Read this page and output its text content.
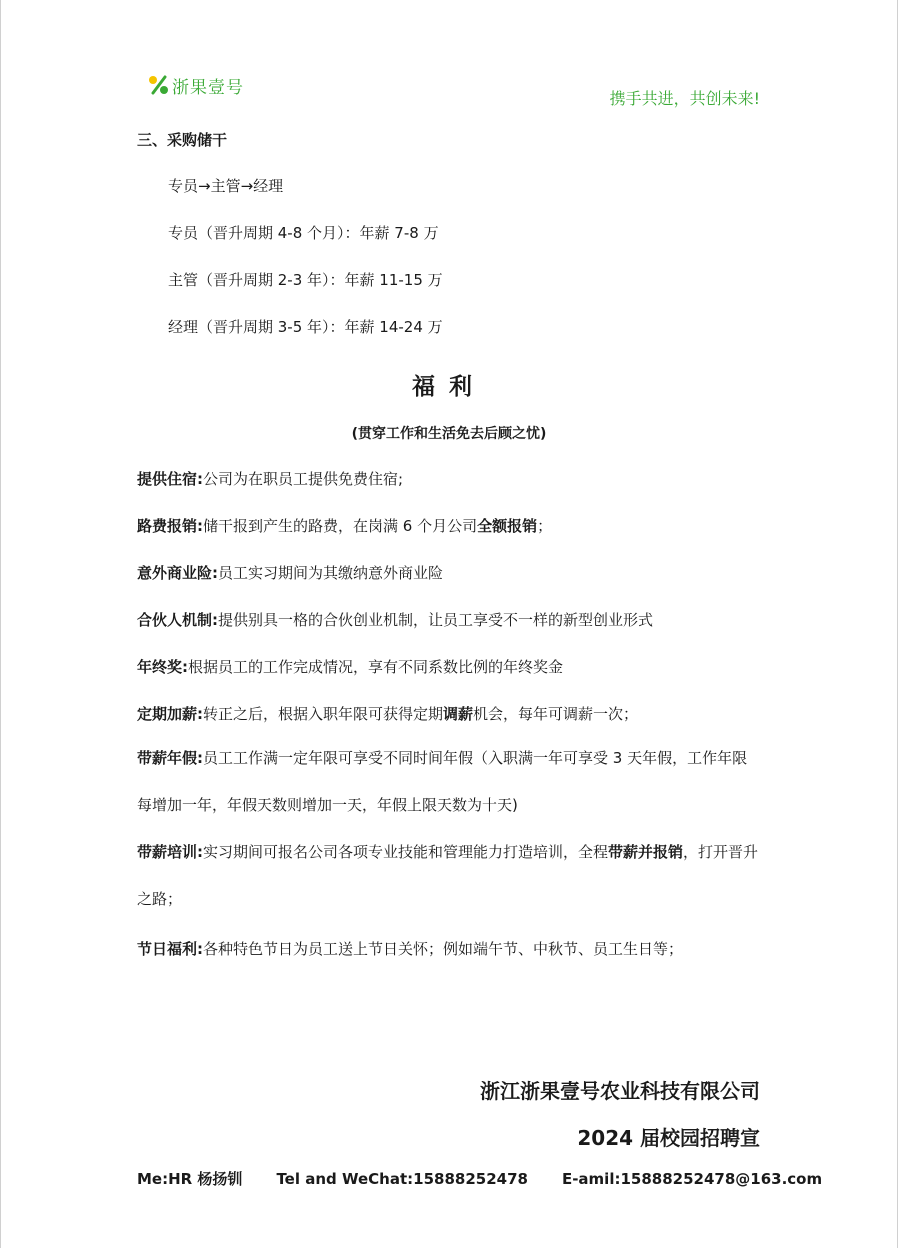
浙果壹号
携手共进，共创未来!
三、采购储干
专员→主管→经理
专员（晋升周期 4-8 个月）：年薪 7-8 万
主管（晋升周期 2-3 年）：年薪 11-15 万
经理（晋升周期 3-5 年）：年薪 14-24 万
福利
(贯穿工作和生活免去后顾之忧)
提供住宿:公司为在职员工提供免费住宿;
路费报销:储干报到产生的路费，在岗满 6 个月公司全额报销；
意外商业险:员工实习期间为其缴纳意外商业险
合伙人机制:提供别具一格的合伙创业机制，让员工享受不一样的新型创业形式
年终奖:根据员工的工作完成情况，享有不同系数比例的年终奖金
定期加薪:转正之后，根据入职年限可获得定期调薪机会，每年可调薪一次；
带薪年假:员工工作满一定年限可享受不同时间年假（入职满一年可享受 3 天年假，工作年限每增加一年，年假天数则增加一天，年假上限天数为十天)
带薪培训:实习期间可报名公司各项专业技能和管理能力打造培训，全程带薪并报销，打开晋升之路；
节日福利:各种特色节日为员工送上节日关怀；例如端午节、中秋节、员工生日等；
浙江浙果壹号农业科技有限公司
2024 届校园招聘宣
Me:HR 杨扬钏 Tel and WeChat:15888252478 E-amil:15888252478@163.com
